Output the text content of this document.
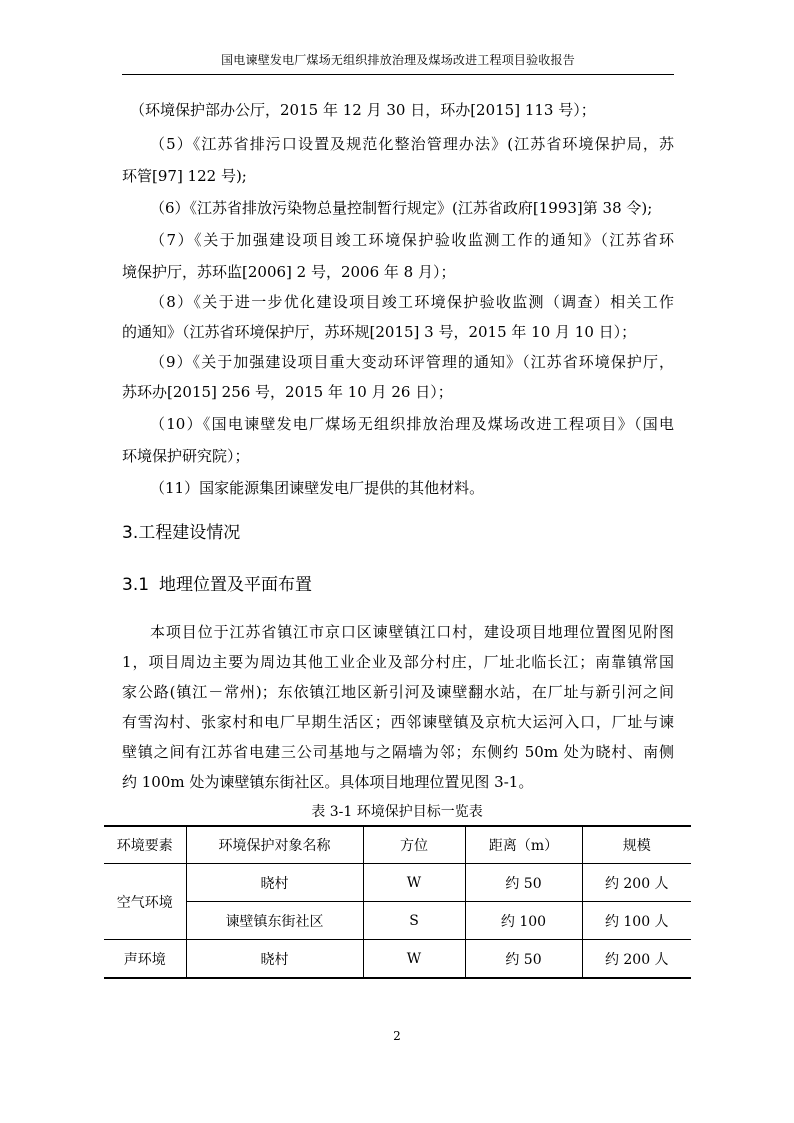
国电谏壁发电厂煤场无组织排放治理及煤场改进工程项目验收报告
（环境保护部办公厅，2015 年 12 月 30 日，环办[2015] 113 号）；
（5）《江苏省排污口设置及规范化整治管理办法》(江苏省环境保护局，苏
环管[97] 122 号);
（6）《江苏省排放污染物总量控制暂行规定》(江苏省政府[1993]第 38 令);
（7）《关于加强建设项目竣工环境保护验收监测工作的通知》（江苏省环
境保护厅，苏环监[2006] 2 号，2006 年 8 月）；
（8）《关于进一步优化建设项目竣工环境保护验收监测（调查）相关工作
的通知》（江苏省环境保护厅，苏环规[2015] 3 号，2015 年 10 月 10 日）；
（9）《关于加强建设项目重大变动环评管理的通知》（江苏省环境保护厅，
苏环办[2015] 256 号，2015 年 10 月 26 日）；
（10）《国电谏壁发电厂煤场无组织排放治理及煤场改进工程项目》（国电
环境保护研究院）；
（11）国家能源集团谏壁发电厂提供的其他材料。
3.工程建设情况
3.1 地理位置及平面布置
本项目位于江苏省镇江市京口区谏壁镇江口村，建设项目地理位置图见附图
1，项目周边主要为周边其他工业企业及部分村庄，厂址北临长江；南靠镇常国
家公路(镇江－常州)；东依镇江地区新引河及谏壁翻水站，在厂址与新引河之间
有雪沟村、张家村和电厂早期生活区；西邻谏壁镇及京杭大运河入口，厂址与谏
壁镇之间有江苏省电建三公司基地与之隔墙为邻；东侧约 50m 处为晓村、南侧
约 100m 处为谏壁镇东街社区。具体项目地理位置见图 3-1。
表 3-1 环境保护目标一览表
环境要素	环境保护对象名称	方位	距离（m）	规模
空气环境	晓村	W	约 50	约 200 人
	谏壁镇东街社区	S	约 100	约 100 人
声环境	晓村	W	约 50	约 200 人
2
